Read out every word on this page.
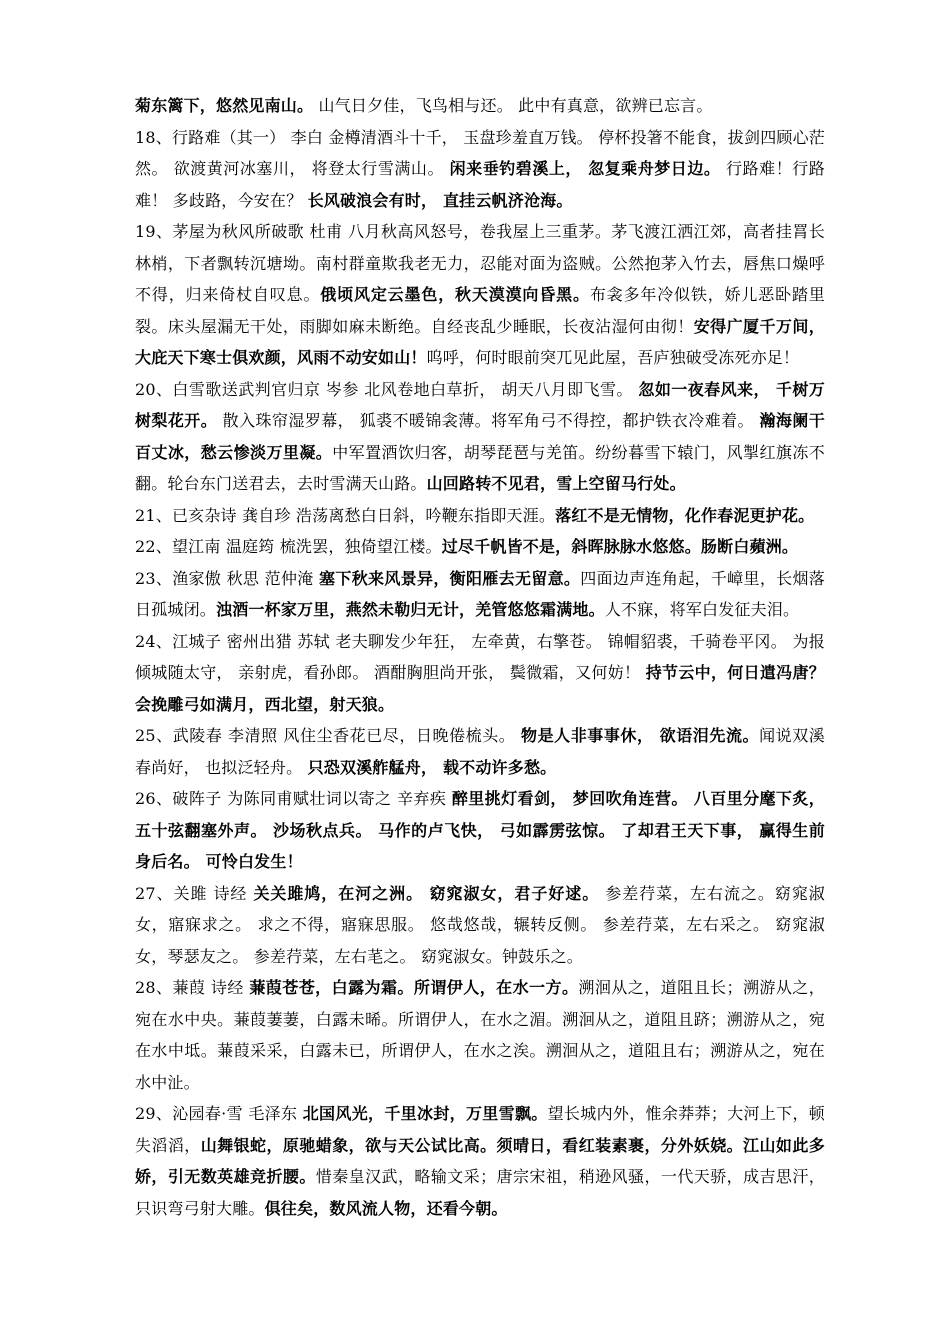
菊东篱下，悠然见南山。 山气日夕佳，飞鸟相与还。 此中有真意，欲辨已忘言。

18、行路难（其一） 李白 金樽清酒斗十千， 玉盘珍羞直万钱。 停杯投箸不能食，拔剑四顾心茫然。 欲渡黄河冰塞川， 将登太行雪满山。 闲来垂钓碧溪上， 忽复乘舟梦日边。 行路难！行路难！ 多歧路，今安在？ 长风破浪会有时， 直挂云帆济沧海。

19、茅屋为秋风所破歌 杜甫 八月秋高风怒号，卷我屋上三重茅。茅飞渡江洒江郊，高者挂罥长林梢，下者飘转沉塘坳。南村群童欺我老无力，忍能对面为盗贼。公然抱茅入竹去，唇焦口燥呼不得，归来倚杖自叹息。俄顷风定云墨色，秋天漠漠向昏黑。布衾多年冷似铁，娇儿恶卧踏里裂。床头屋漏无干处，雨脚如麻未断绝。自经丧乱少睡眠，长夜沾湿何由彻！安得广厦千万间，大庇天下寒士俱欢颜，风雨不动安如山！呜呼，何时眼前突兀见此屋，吾庐独破受冻死亦足！

20、白雪歌送武判官归京 岑参 北风卷地白草折， 胡天八月即飞雪。 忽如一夜春风来， 千树万树梨花开。 散入珠帘湿罗幕， 狐裘不暖锦衾薄。将军角弓不得控，都护铁衣冷难着。 瀚海阑干百丈冰，愁云惨淡万里凝。中军置酒饮归客，胡琴琵琶与羌笛。纷纷暮雪下辕门，风掣红旗冻不翻。轮台东门送君去，去时雪满天山路。山回路转不见君，雪上空留马行处。

21、已亥杂诗 龚自珍 浩荡离愁白日斜，吟鞭东指即天涯。落红不是无情物，化作春泥更护花。

22、望江南 温庭筠 梳洗罢，独倚望江楼。过尽千帆皆不是，斜晖脉脉水悠悠。肠断白蘋洲。

23、渔家傲 秋思 范仲淹 塞下秋来风景异，衡阳雁去无留意。四面边声连角起，千嶂里，长烟落日孤城闭。浊酒一杯家万里，燕然未勒归无计，羌管悠悠霜满地。人不寐，将军白发征夫泪。

24、江城子 密州出猎 苏轼 老夫聊发少年狂， 左牵黄，右擎苍。 锦帽貂裘，千骑卷平冈。 为报倾城随太守， 亲射虎，看孙郎。 酒酣胸胆尚开张， 鬓微霜，又何妨！ 持节云中，何日遣冯唐？会挽雕弓如满月，西北望，射天狼。

25、武陵春 李清照 风住尘香花已尽，日晚倦梳头。 物是人非事事休， 欲语泪先流。闻说双溪春尚好， 也拟泛轻舟。 只恐双溪舴艋舟， 载不动许多愁。

26、破阵子 为陈同甫赋壮词以寄之 辛弃疾 醉里挑灯看剑， 梦回吹角连营。 八百里分麾下炙， 五十弦翻塞外声。 沙场秋点兵。 马作的卢飞快， 弓如霹雳弦惊。 了却君王天下事， 赢得生前身后名。 可怜白发生！

27、关雎 诗经 关关雎鸠，在河之洲。 窈窕淑女，君子好逑。 参差荇菜，左右流之。窈窕淑女，寤寐求之。 求之不得，寤寐思服。 悠哉悠哉，辗转反侧。 参差荇菜，左右采之。 窈窕淑女，琴瑟友之。 参差荇菜，左右芼之。 窈窕淑女。钟鼓乐之。

28、蒹葭 诗经 蒹葭苍苍，白露为霜。所谓伊人，在水一方。溯洄从之，道阻且长；溯游从之，宛在水中央。蒹葭萋萋，白露未晞。所谓伊人，在水之湄。溯洄从之，道阻且跻；溯游从之，宛在水中坻。蒹葭采采，白露未已，所谓伊人，在水之涘。溯洄从之，道阻且右；溯游从之，宛在水中沚。

29、沁园春·雪 毛泽东 北国风光，千里冰封，万里雪飘。望长城内外，惟余莽莽；大河上下，顿失滔滔，山舞银蛇，原驰蜡象，欲与天公试比高。须晴日，看红装素裹，分外妖娆。江山如此多娇，引无数英雄竞折腰。惜秦皇汉武，略输文采；唐宗宋祖，稍逊风骚，一代天骄，成吉思汗，只识弯弓射大雕。俱往矣，数风流人物，还看今朝。
